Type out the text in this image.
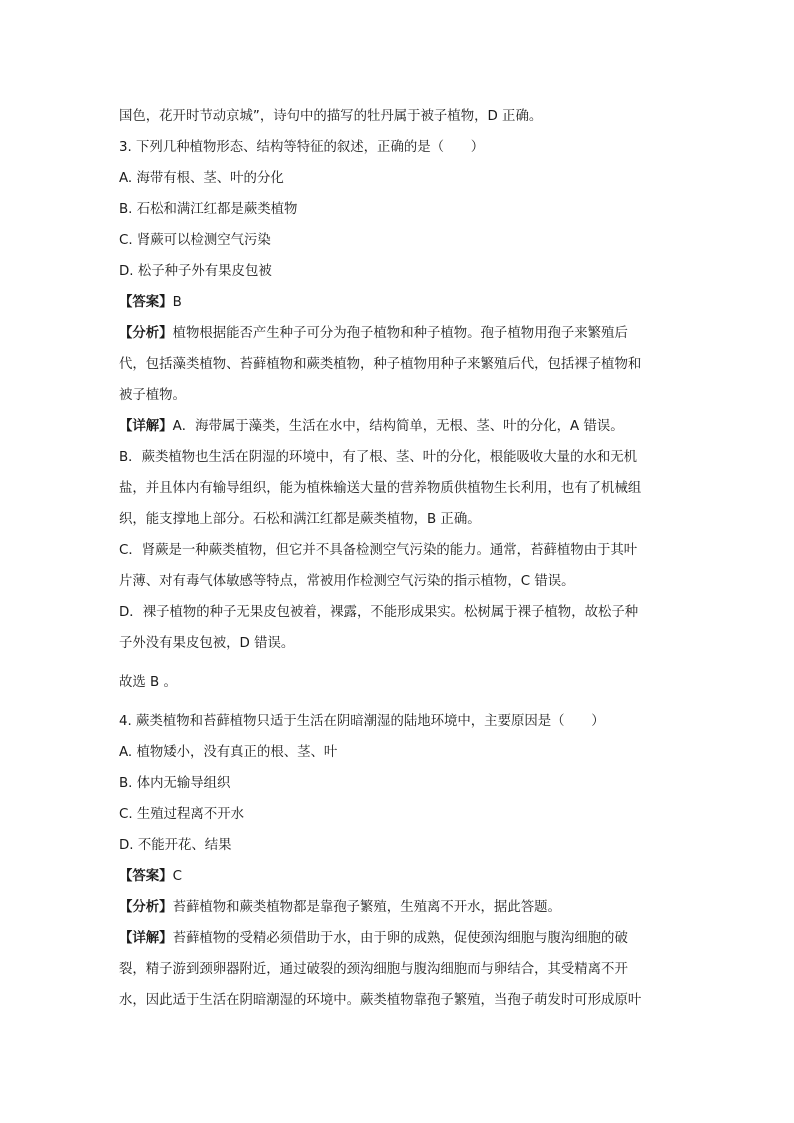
国色，花开时节动京城”，诗句中的描写的牡丹属于被子植物，D 正确。
3. 下列几种植物形态、结构等特征的叙述，正确的是（　　）
A. 海带有根、茎、叶的分化
B. 石松和满江红都是蕨类植物
C. 肾蕨可以检测空气污染
D. 松子种子外有果皮包被
【答案】B
【分析】植物根据能否产生种子可分为孢子植物和种子植物。孢子植物用孢子来繁殖后
代，包括藻类植物、苔藓植物和蕨类植物，种子植物用种子来繁殖后代，包括裸子植物和
被子植物。
【详解】A．海带属于藻类，生活在水中，结构简单，无根、茎、叶的分化，A 错误。
B．蕨类植物也生活在阴湿的环境中，有了根、茎、叶的分化，根能吸收大量的水和无机
盐，并且体内有输导组织，能为植株输送大量的营养物质供植物生长利用，也有了机械组
织，能支撑地上部分。石松和满江红都是蕨类植物，B 正确。
C．肾蕨是一种蕨类植物，但它并不具备检测空气污染的能力。通常，苔藓植物由于其叶
片薄、对有毒气体敏感等特点，常被用作检测空气污染的指示植物，C 错误。
D．裸子植物的种子无果皮包被着，裸露，不能形成果实。松树属于裸子植物，故松子种
子外没有果皮包被，D 错误。
故选 B 。
4. 蕨类植物和苔藓植物只适于生活在阴暗潮湿的陆地环境中，主要原因是（　　）
A. 植物矮小，没有真正的根、茎、叶
B. 体内无输导组织
C. 生殖过程离不开水
D. 不能开花、结果
【答案】C
【分析】苔藓植物和蕨类植物都是靠孢子繁殖，生殖离不开水，据此答题。
【详解】苔藓植物的受精必须借助于水，由于卵的成熟，促使颈沟细胞与腹沟细胞的破
裂，精子游到颈卵器附近，通过破裂的颈沟细胞与腹沟细胞而与卵结合，其受精离不开
水，因此适于生活在阴暗潮湿的环境中。蕨类植物靠孢子繁殖，当孢子萌发时可形成原叶
